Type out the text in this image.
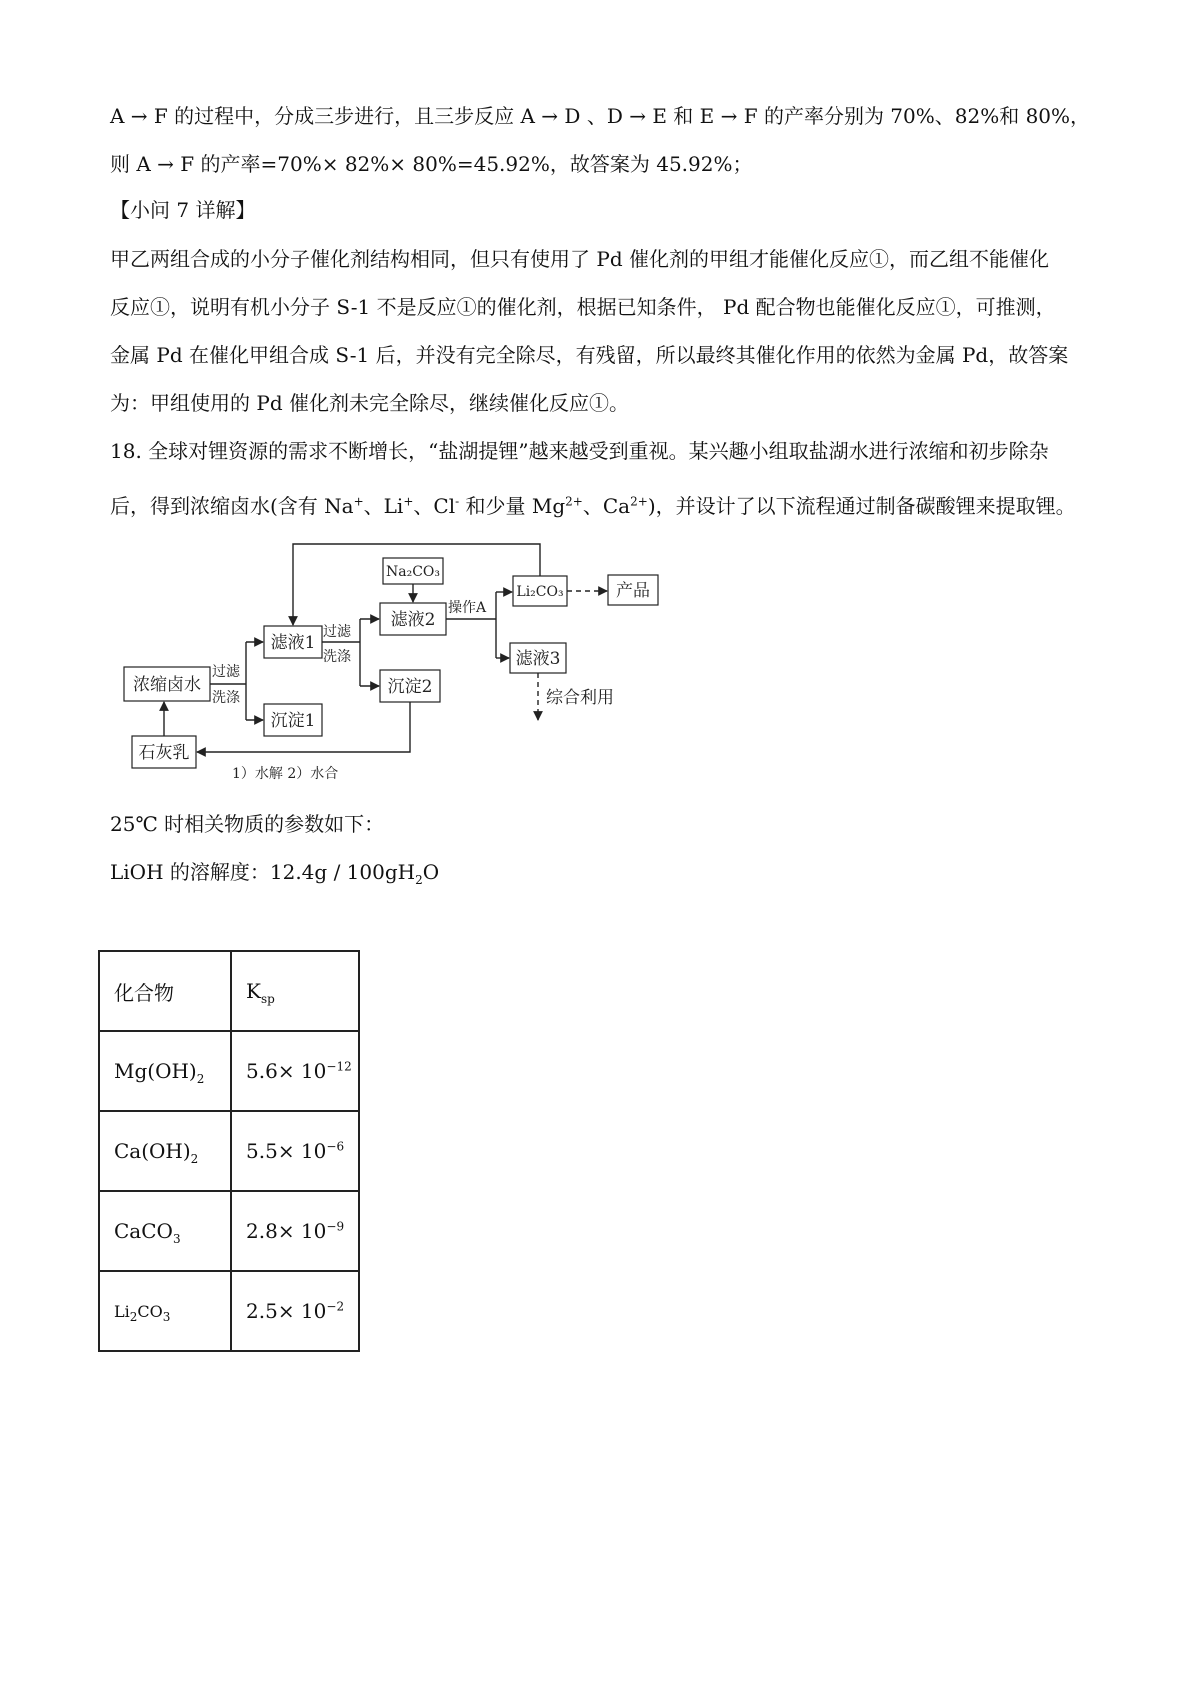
A → F 的过程中，分成三步进行，且三步反应 A → D 、D → E 和 E → F 的产率分别为 70%、82%和 80%，
则 A → F 的产率=70%× 82%× 80%=45.92%，故答案为 45.92%；
【小问 7 详解】
甲乙两组合成的小分子催化剂结构相同，但只有使用了 Pd 催化剂的甲组才能催化反应①，而乙组不能催化
反应①，说明有机小分子 S-1 不是反应①的催化剂，根据已知条件， Pd 配合物也能催化反应①，可推测，
金属 Pd 在催化甲组合成 S-1 后，并没有完全除尽，有残留，所以最终其催化作用的依然为金属 Pd，故答案
为：甲组使用的 Pd 催化剂未完全除尽，继续催化反应①。
18. 全球对锂资源的需求不断增长，“盐湖提锂”越来越受到重视。某兴趣小组取盐湖水进行浓缩和初步除杂
后，得到浓缩卤水(含有 Na+、Li+、Cl- 和少量 $Mg^{2+}$、$Ca^{2+}$)，并设计了以下流程通过制备碳酸锂来提取锂。
浓缩卤水
石灰乳
滤液1
沉淀1
Na₂CO₃
滤液2
沉淀2
Li₂CO₃	产品
滤液3
过滤
洗涤
过滤
洗涤
操作A
综合利用
1）水解 2）水合
25℃ 时相关物质的参数如下：
LiOH 的溶解度：$12.4g / 100gH_2O$
化合物	$K_{sp}$
$Mg(OH)_2$	$5.6\times 10^{-12}$
$Ca(OH)_2$	$5.5\times 10^{-6}$
CaCO$_3$	$2.8\times 10^{-9}$
$Li_2CO_3$	$2.5\times 10^{-2}$
